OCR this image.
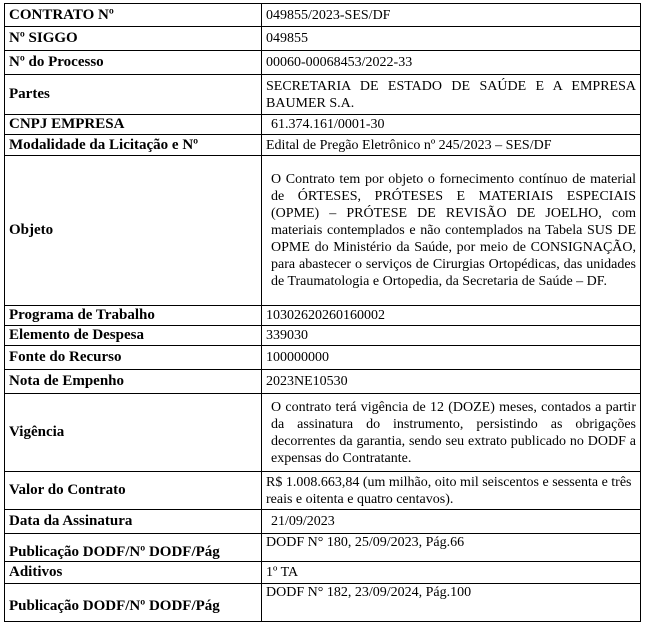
CONTRATO Nº	049855/2023-SES/DF
Nº SIGGO	049855
Nº do Processo	00060-00068453/2022-33
Partes	SECRETARIA DE ESTADO DE SAÚDE E A EMPRESA BAUMER S.A.
CNPJ EMPRESA	61.374.161/0001-30
Modalidade da Licitação e Nº	Edital de Pregão Eletrônico nº 245/2023 – SES/DF
Objeto	O Contrato tem por objeto o fornecimento contínuo de material de ÓRTESES, PRÓTESES E MATERIAIS ESPECIAIS (OPME) – PRÓTESE DE REVISÃO DE JOELHO, com materiais contemplados e não contemplados na Tabela SUS DE OPME do Ministério da Saúde, por meio de CONSIGNAÇÃO, para abastecer o serviços de Cirurgias Ortopédicas, das unidades de Traumatologia e Ortopedia, da Secretaria de Saúde – DF.
Programa de Trabalho	10302620260160002
Elemento de Despesa	339030
Fonte do Recurso	100000000
Nota de Empenho	2023NE10530
Vigência	O contrato terá vigência de 12 (DOZE) meses, contados a partir da assinatura do instrumento, persistindo as obrigações decorrentes da garantia, sendo seu extrato publicado no DODF a expensas do Contratante.
Valor do Contrato	R$ 1.008.663,84 (um milhão, oito mil seiscentos e sessenta e três reais e oitenta e quatro centavos).
Data da Assinatura	21/09/2023
Publicação DODF/Nº DODF/Pág	DODF N° 180, 25/09/2023, Pág.66
Aditivos	1º TA
Publicação DODF/Nº DODF/Pág	DODF N° 182, 23/09/2024, Pág.100
